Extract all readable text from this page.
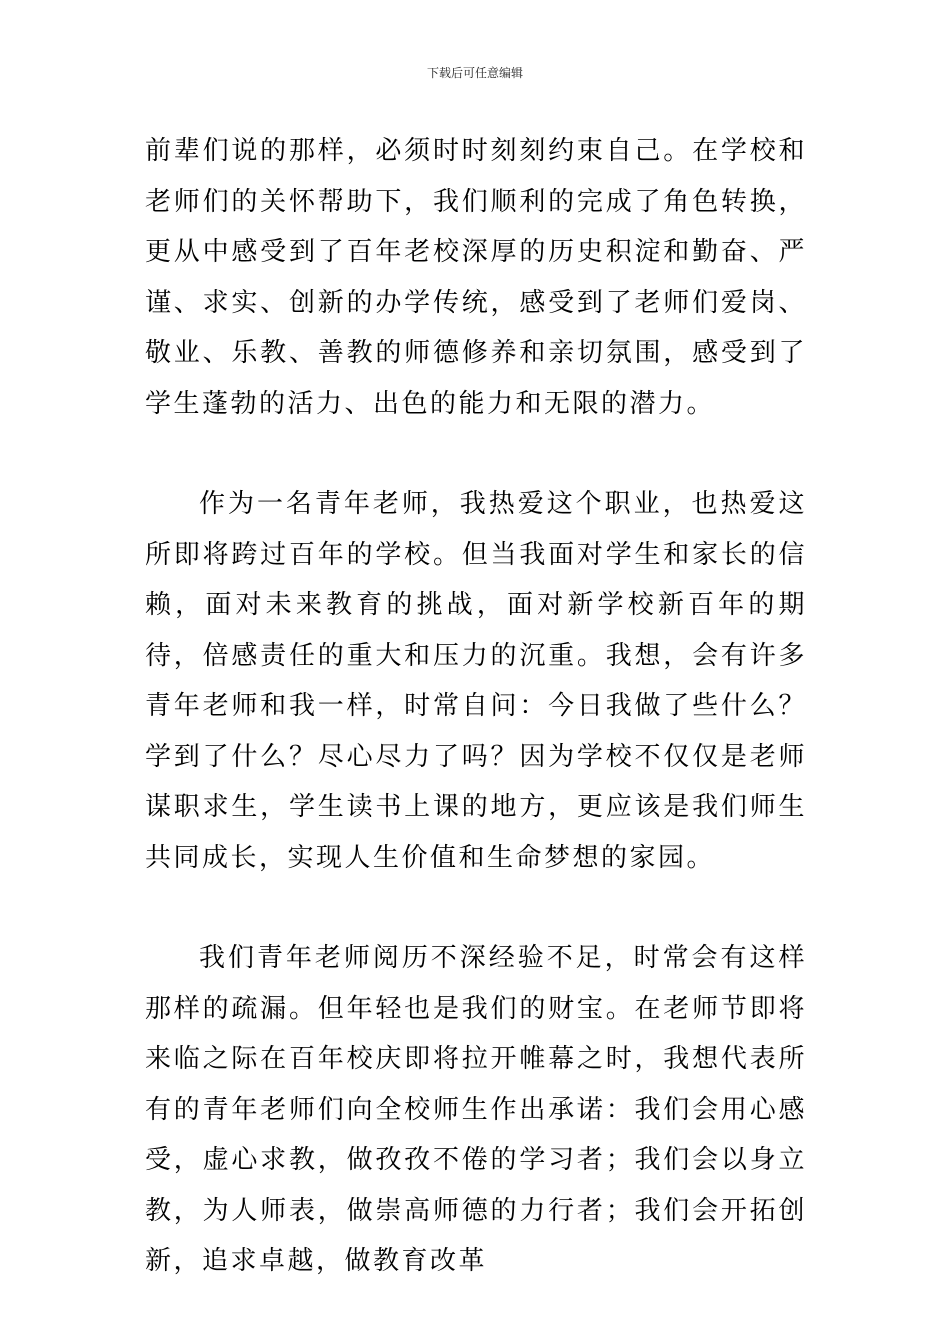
下载后可任意编辑

前辈们说的那样，必须时时刻刻约束自己。在学校和老师们的关怀帮助下，我们顺利的完成了角色转换，更从中感受到了百年老校深厚的历史积淀和勤奋、严谨、求实、创新的办学传统，感受到了老师们爱岗、敬业、乐教、善教的师德修养和亲切氛围，感受到了学生蓬勃的活力、出色的能力和无限的潜力。

作为一名青年老师，我热爱这个职业，也热爱这所即将跨过百年的学校。但当我面对学生和家长的信赖，面对未来教育的挑战，面对新学校新百年的期待，倍感责任的重大和压力的沉重。我想，会有许多青年老师和我一样，时常自问：今日我做了些什么？学到了什么？尽心尽力了吗？因为学校不仅仅是老师谋职求生，学生读书上课的地方，更应该是我们师生共同成长，实现人生价值和生命梦想的家园。

我们青年老师阅历不深经验不足，时常会有这样那样的疏漏。但年轻也是我们的财宝。在老师节即将来临之际在百年校庆即将拉开帷幕之时，我想代表所有的青年老师们向全校师生作出承诺：我们会用心感受，虚心求教，做孜孜不倦的学习者；我们会以身立教，为人师表，做崇高师德的力行者；我们会开拓创新，追求卓越，做教育改革
